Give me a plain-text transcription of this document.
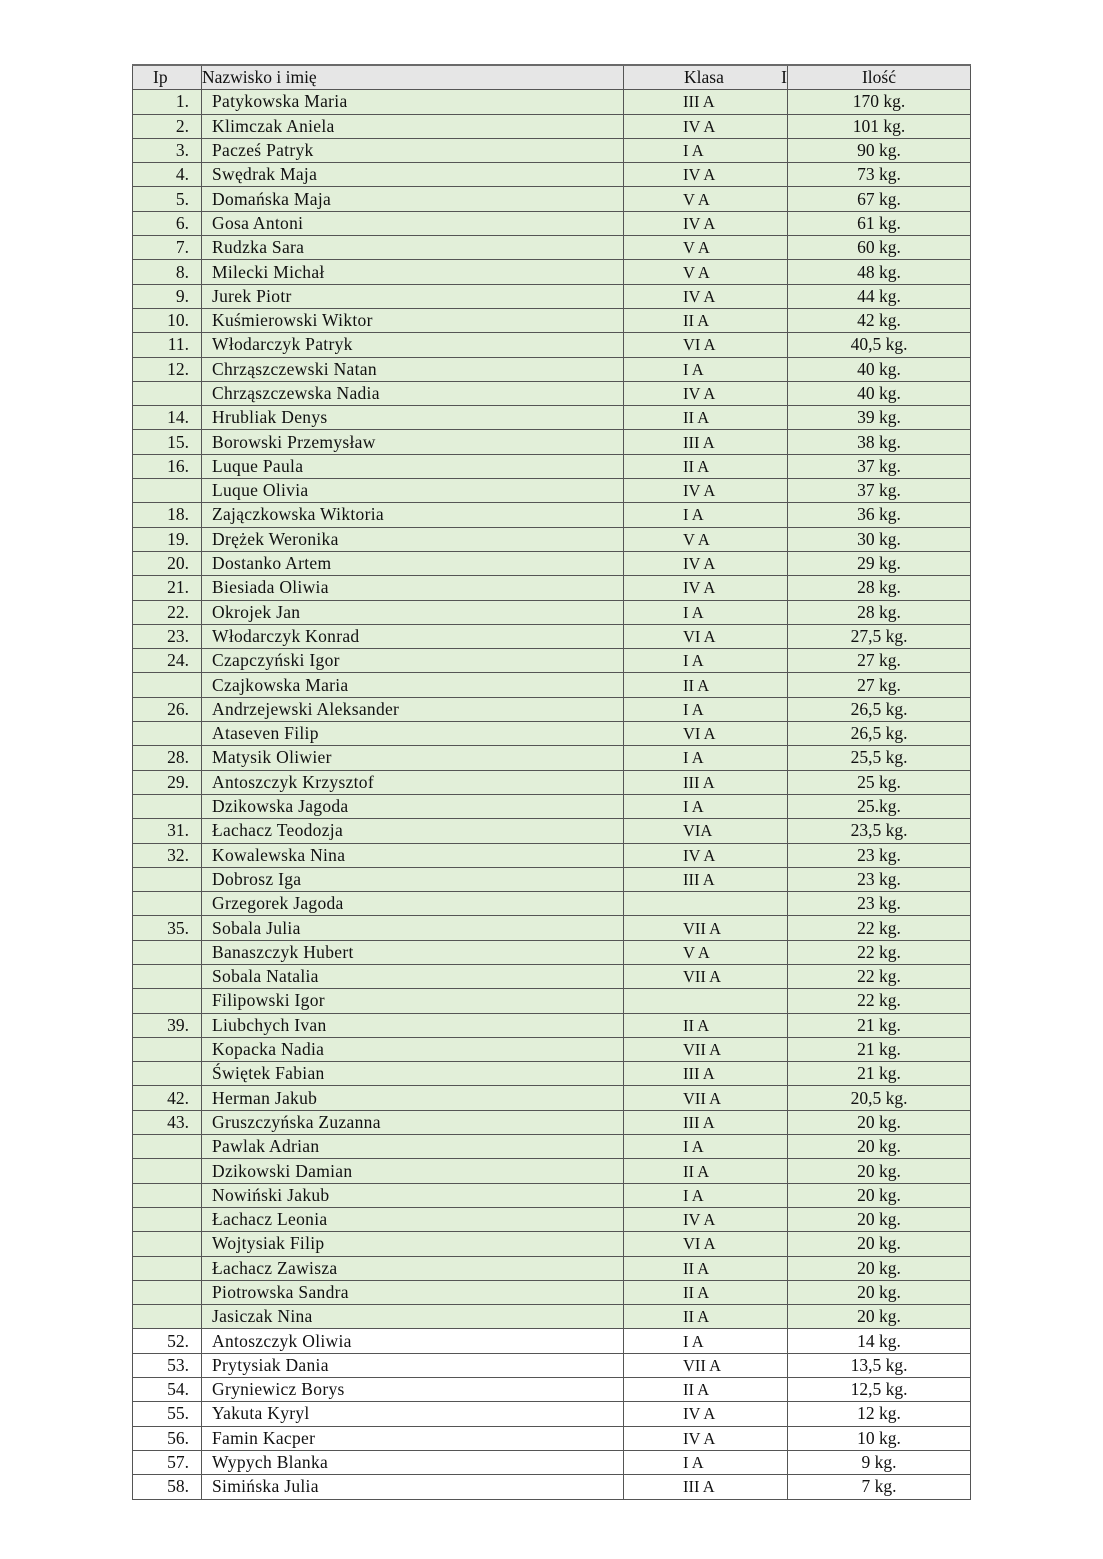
Ip	Nazwisko i imię	Klasa I	Ilość
1.	Patykowska Maria	III A	170 kg.
2.	Klimczak Aniela	IV A	101 kg.
3.	Pacześ Patryk	I A	90 kg.
4.	Swędrak Maja	IV A	73 kg.
5.	Domańska Maja	V A	67 kg.
6.	Gosa Antoni	IV A	61 kg.
7.	Rudzka Sara	V A	60 kg.
8.	Milecki Michał	V A	48 kg.
9.	Jurek Piotr	IV A	44 kg.
10.	Kuśmierowski Wiktor	II A	42 kg.
11.	Włodarczyk Patryk	VI A	40,5 kg.
12.	Chrząszczewski Natan	I A	40 kg.
	Chrząszczewska Nadia	IV A	40 kg.
14.	Hrubliak Denys	II A	39 kg.
15.	Borowski Przemysław	III A	38 kg.
16.	Luque Paula	II A	37 kg.
	Luque Olivia	IV A	37 kg.
18.	Zajączkowska Wiktoria	I A	36 kg.
19.	Drężek Weronika	V A	30 kg.
20.	Dostanko Artem	IV A	29 kg.
21.	Biesiada Oliwia	IV A	28 kg.
22.	Okrojek Jan	I A	28 kg.
23.	Włodarczyk Konrad	VI A	27,5 kg.
24.	Czapczyński Igor	I A	27 kg.
	Czajkowska Maria	II A	27 kg.
26.	Andrzejewski Aleksander	I A	26,5 kg.
	Ataseven Filip	VI A	26,5 kg.
28.	Matysik Oliwier	I A	25,5 kg.
29.	Antoszczyk Krzysztof	III A	25 kg.
	Dzikowska Jagoda	I A	25.kg.
31.	Łachacz Teodozja	VIA	23,5 kg.
32.	Kowalewska Nina	IV A	23 kg.
	Dobrosz Iga	III A	23 kg.
	Grzegorek Jagoda		23 kg.
35.	Sobala Julia	VII A	22 kg.
	Banaszczyk Hubert	V A	22 kg.
	Sobala Natalia	VII A	22 kg.
	Filipowski Igor		22 kg.
39.	Liubchych Ivan	II A	21 kg.
	Kopacka Nadia	VII A	21 kg.
	Świętek Fabian	III A	21 kg.
42.	Herman Jakub	VII A	20,5 kg.
43.	Gruszczyńska Zuzanna	III A	20 kg.
	Pawlak Adrian	I A	20 kg.
	Dzikowski Damian	II A	20 kg.
	Nowiński Jakub	I A	20 kg.
	Łachacz Leonia	IV A	20 kg.
	Wojtysiak Filip	VI A	20 kg.
	Łachacz Zawisza	II A	20 kg.
	Piotrowska Sandra	II A	20 kg.
	Jasiczak Nina	II A	20 kg.
52.	Antoszczyk Oliwia	I A	14 kg.
53.	Prytysiak Dania	VII A	13,5 kg.
54.	Gryniewicz Borys	II A	12,5 kg.
55.	Yakuta Kyryl	IV A	12 kg.
56.	Famin Kacper	IV A	10 kg.
57.	Wypych Blanka	I A	9 kg.
58.	Simińska Julia	III A	7 kg.
